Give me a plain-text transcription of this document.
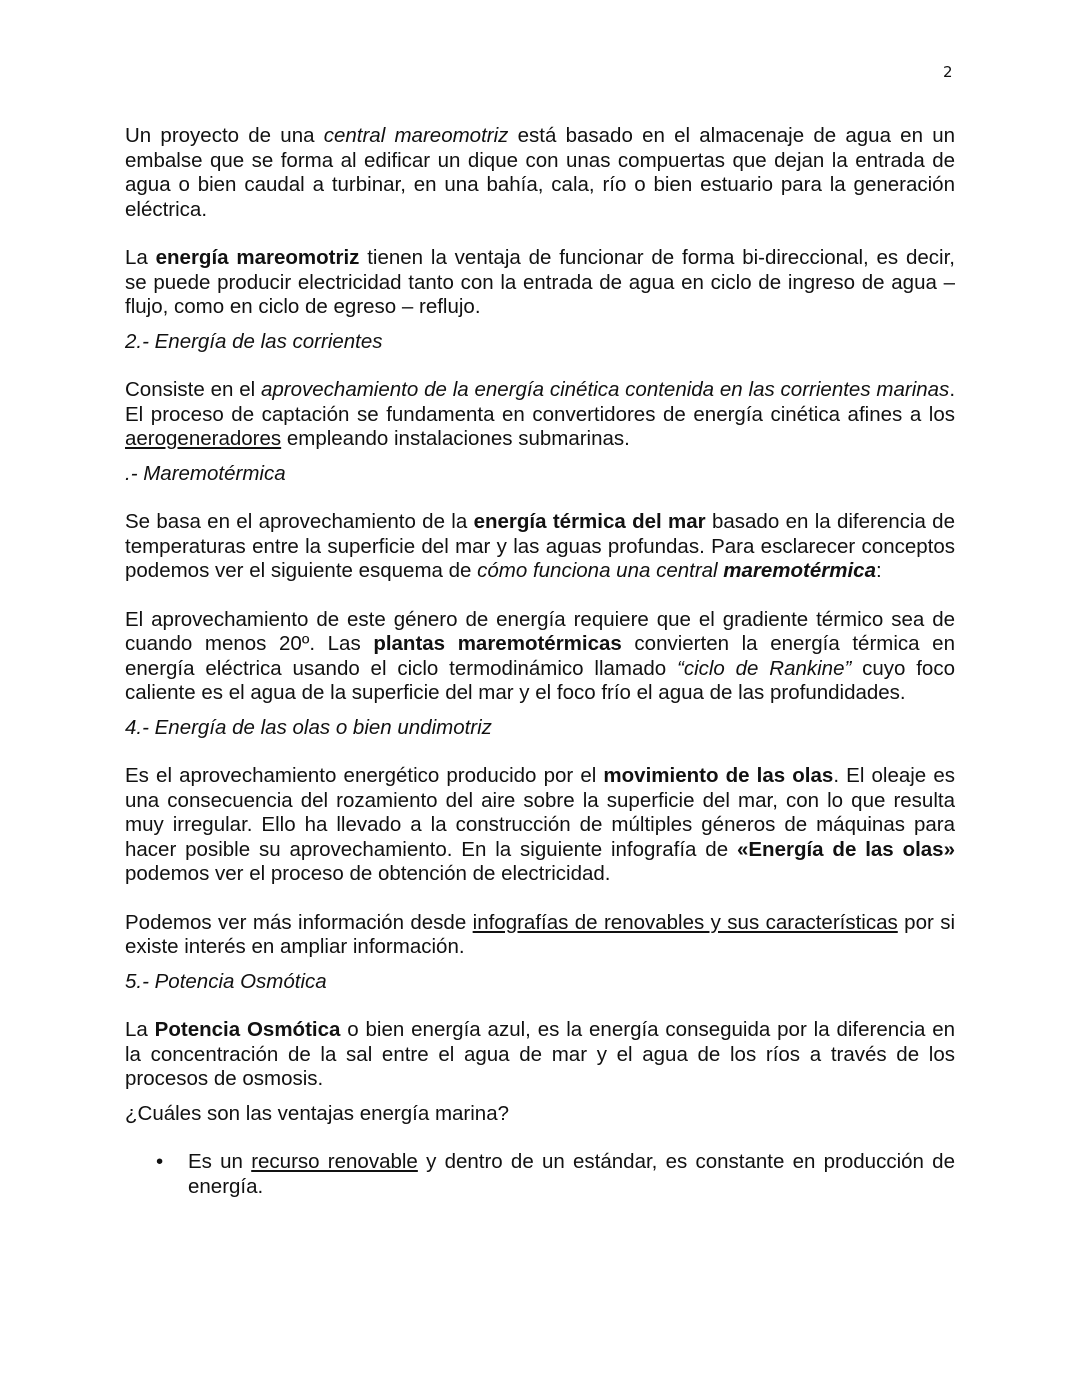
2

Un proyecto de una central mareomotriz está basado en el almacenaje de agua en un embalse que se forma al edificar un dique con unas compuertas que dejan la entrada de agua o bien caudal a turbinar, en una bahía, cala, río o bien estuario para la generación eléctrica.

La energía mareomotriz tienen la ventaja de funcionar de forma bi-direccional, es decir, se puede producir electricidad tanto con la entrada de agua en ciclo de ingreso de agua – flujo, como en ciclo de egreso – reflujo.

2.- Energía de las corrientes

Consiste en el aprovechamiento de la energía cinética contenida en las corrientes marinas. El proceso de captación se fundamenta en convertidores de energía cinética afines a los aerogeneradores empleando instalaciones submarinas.

.- Maremotérmica

Se basa en el aprovechamiento de la energía térmica del mar basado en la diferencia de temperaturas entre la superficie del mar y las aguas profundas. Para esclarecer conceptos podemos ver el siguiente esquema de cómo funciona una central maremotérmica:

El aprovechamiento de este género de energía requiere que el gradiente térmico sea de cuando menos 20º. Las plantas maremotérmicas convierten la energía térmica en energía eléctrica usando el ciclo termodinámico llamado “ciclo de Rankine” cuyo foco caliente es el agua de la superficie del mar y el foco frío el agua de las profundidades.

4.- Energía de las olas o bien undimotriz

Es el aprovechamiento energético producido por el movimiento de las olas. El oleaje es una consecuencia del rozamiento del aire sobre la superficie del mar, con lo que resulta muy irregular. Ello ha llevado a la construcción de múltiples géneros de máquinas para hacer posible su aprovechamiento. En la siguiente infografía de «Energía de las olas» podemos ver el proceso de obtención de electricidad.

Podemos ver más información desde infografías de renovables y sus características por si existe interés en ampliar información.

5.- Potencia Osmótica

La Potencia Osmótica o bien energía azul, es la energía conseguida por la diferencia en la concentración de la sal entre el agua de mar y el agua de los ríos a través de los procesos de osmosis.

¿Cuáles son las ventajas energía marina?

• Es un recurso renovable y dentro de un estándar, es constante en producción de energía.
